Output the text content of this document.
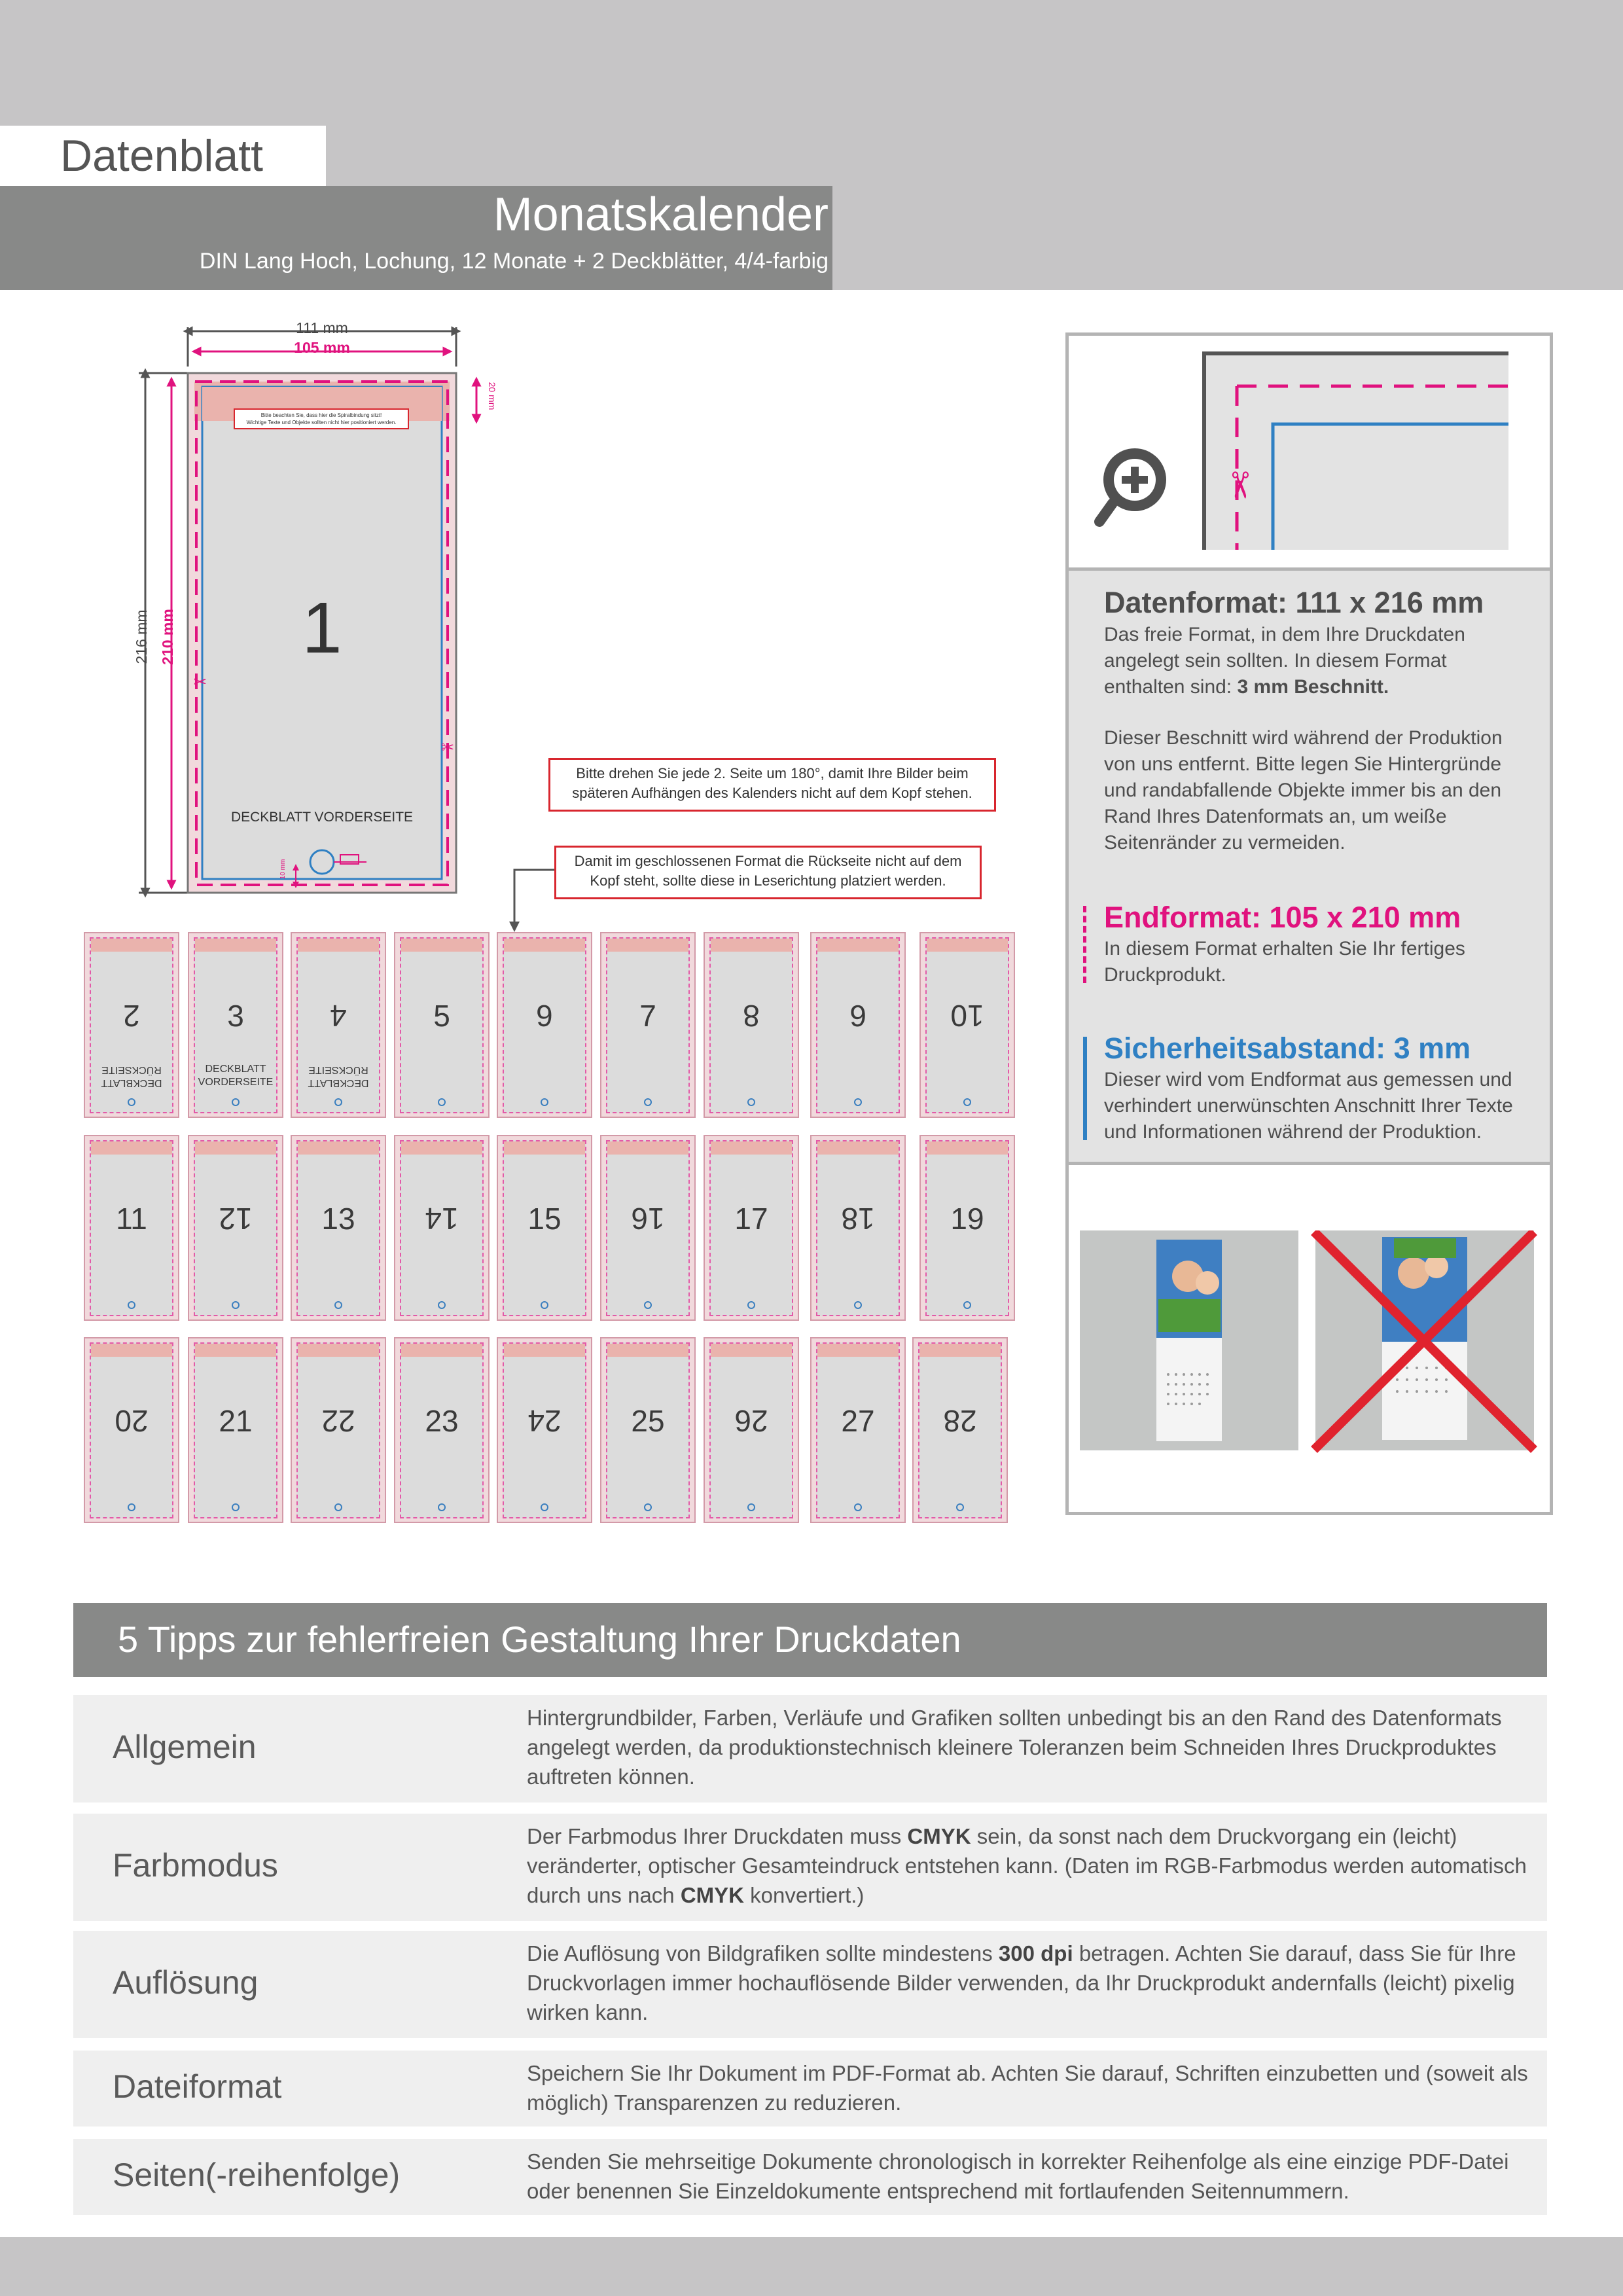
Datenblatt
Monatskalender
DIN Lang Hoch, Lochung, 12 Monate + 2 Deckblätter, 4/4-farbig
✂
✂
111 mm
105 mm
216 mm 210 mm
20 mm
10 mm
Bitte beachten Sie, dass hier die Spiralbindung sitzt!
Wichtige Texte und Objekte sollten nicht hier positioniert werden.
1
DECKBLATT VORDERSEITE
Bitte drehen Sie jede 2. Seite um 180°, damit Ihre Bilder beim späteren Aufhängen des Kalenders nicht auf dem Kopf stehen.
Damit im geschlossenen Format die Rückseite nicht auf dem Kopf steht, sollte diese in Leserichtung platziert werden.
2
DECKBLATT
RÜCKSEITE
3
DECKBLATT
VORDERSEITE
4
DECKBLATT
RÜCKSEITE
5	6	7	8	9	10
11	12	13	14	15	16	17	18	19
20	21	22	23	24	25	26	27	28
✂
Datenformat: 111 x 216 mm
Das freie Format, in dem Ihre Druckdaten angelegt sein sollten. In diesem Format enthalten sind: 3 mm Beschnitt.
Dieser Beschnitt wird während der Produktion von uns entfernt. Bitte legen Sie Hintergründe und randabfallende Objekte immer bis an den Rand Ihres Datenformats an, um weiße Seitenränder zu vermeiden.
Endformat: 105 x 210 mm
In diesem Format erhalten Sie Ihr fertiges Druckprodukt.
Sicherheitsabstand: 3 mm
Dieser wird vom Endformat aus gemessen und verhindert unerwünschten Anschnitt Ihrer Texte und Informationen während der Produktion.
5 Tipps zur fehlerfreien Gestaltung Ihrer Druckdaten
Allgemein
Hintergrundbilder, Farben, Verläufe und Grafiken sollten unbedingt bis an den Rand des Datenformats angelegt werden, da produktionstechnisch kleinere Toleranzen beim Schneiden Ihres Druckproduktes auftreten können.
Farbmodus
Der Farbmodus Ihrer Druckdaten muss CMYK sein, da sonst nach dem Druckvorgang ein (leicht) veränderter, optischer Gesamteindruck entstehen kann. (Daten im RGB-Farbmodus werden automatisch durch uns nach CMYK konvertiert.)
Auflösung
Die Auflösung von Bildgrafiken sollte mindestens 300 dpi betragen. Achten Sie darauf, dass Sie für Ihre Druckvorlagen immer hochauflösende Bilder verwenden, da Ihr Druckprodukt andernfalls (leicht) pixelig wirken kann.
Dateiformat	Speichern Sie Ihr Dokument im PDF-Format ab. Achten Sie darauf, Schriften einzubetten und (soweit als möglich) Transparenzen zu reduzieren.
Seiten(-reihenfolge)	Senden Sie mehrseitige Dokumente chronologisch in korrekter Reihenfolge als eine einzige PDF-Datei oder benennen Sie Einzeldokumente entsprechend mit fortlaufenden Seitennummern.
